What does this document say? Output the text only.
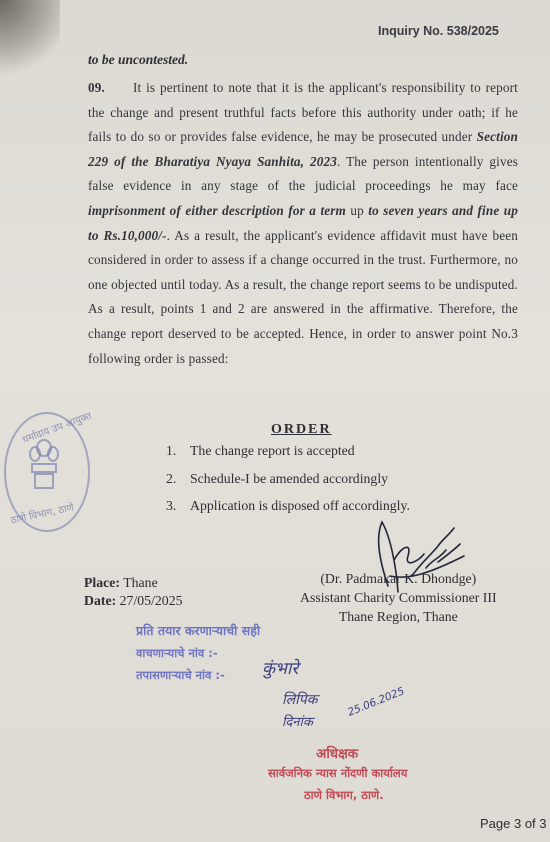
Inquiry No. 538/2025
to be uncontested.
09. It is pertinent to note that it is the applicant's responsibility to report the change and present truthful facts before this authority under oath; if he fails to do so or provides false evidence, he may be prosecuted under Section 229 of the Bharatiya Nyaya Sanhita, 2023. The person intentionally gives false evidence in any stage of the judicial proceedings he may face imprisonment of either description for a term up to seven years and fine up to Rs.10,000/-. As a result, the applicant's evidence affidavit must have been considered in order to assess if a change occurred in the trust. Furthermore, no one objected until today. As a result, the change report seems to be undisputed. As a result, points 1 and 2 are answered in the affirmative. Therefore, the change report deserved to be accepted. Hence, in order to answer point No.3 following order is passed:
धर्मादाय उप आयुक्त
ठाणे विभाग, ठाणे
ORDER
1. The change report is accepted
2. Schedule-I be amended accordingly
3. Application is disposed off accordingly.
Place: Thane
Date: 27/05/2025
(Dr. Padmakar K. Dhondge)
Assistant Charity Commissioner III
Thane Region, Thane
प्रति तयार करणाऱ्याची सही
वाचणाऱ्याचे नांव :-
तपासणाऱ्याचे नांव :- कुंभारे
लिपिक
दिनांक
25.06.2025
अधिक्षक
सार्वजनिक न्यास नोंदणी कार्यालय
ठाणे विभाग, ठाणे.
Page 3 of 3
